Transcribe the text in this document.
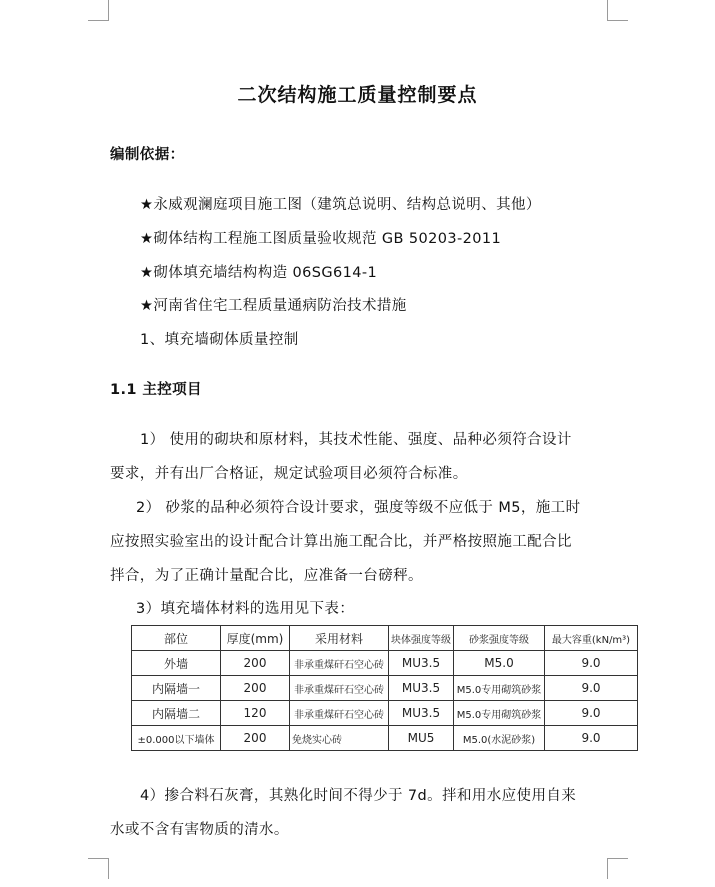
二次结构施工质量控制要点
编制依据：
★永威观澜庭项目施工图（建筑总说明、结构总说明、其他）
★砌体结构工程施工图质量验收规范 GB 50203-2011
★砌体填充墙结构构造 06SG614-1
★河南省住宅工程质量通病防治技术措施
1、填充墙砌体质量控制
1.1 主控项目
1） 使用的砌块和原材料，其技术性能、强度、品种必须符合设计
要求，并有出厂合格证，规定试验项目必须符合标准。
2） 砂浆的品种必须符合设计要求，强度等级不应低于 M5，施工时
应按照实验室出的设计配合计算出施工配合比，并严格按照施工配合比
拌合，为了正确计量配合比，应准备一台磅秤。
3）填充墙体材料的选用见下表：
部位	厚度(mm)	采用材料	块体强度等级	砂浆强度等级	最大容重(kN/m³)
外墙	200	非承重煤矸石空心砖	MU3.5	M5.0	9.0
内隔墙一	200	非承重煤矸石空心砖	MU3.5	M5.0专用砌筑砂浆	9.0
内隔墙二	120	非承重煤矸石空心砖	MU3.5	M5.0专用砌筑砂浆	9.0
±0.000以下墙体	200	免烧实心砖	MU5	M5.0(水泥砂浆)	9.0
4）掺合料石灰膏，其熟化时间不得少于 7d。拌和用水应使用自来
水或不含有害物质的清水。
